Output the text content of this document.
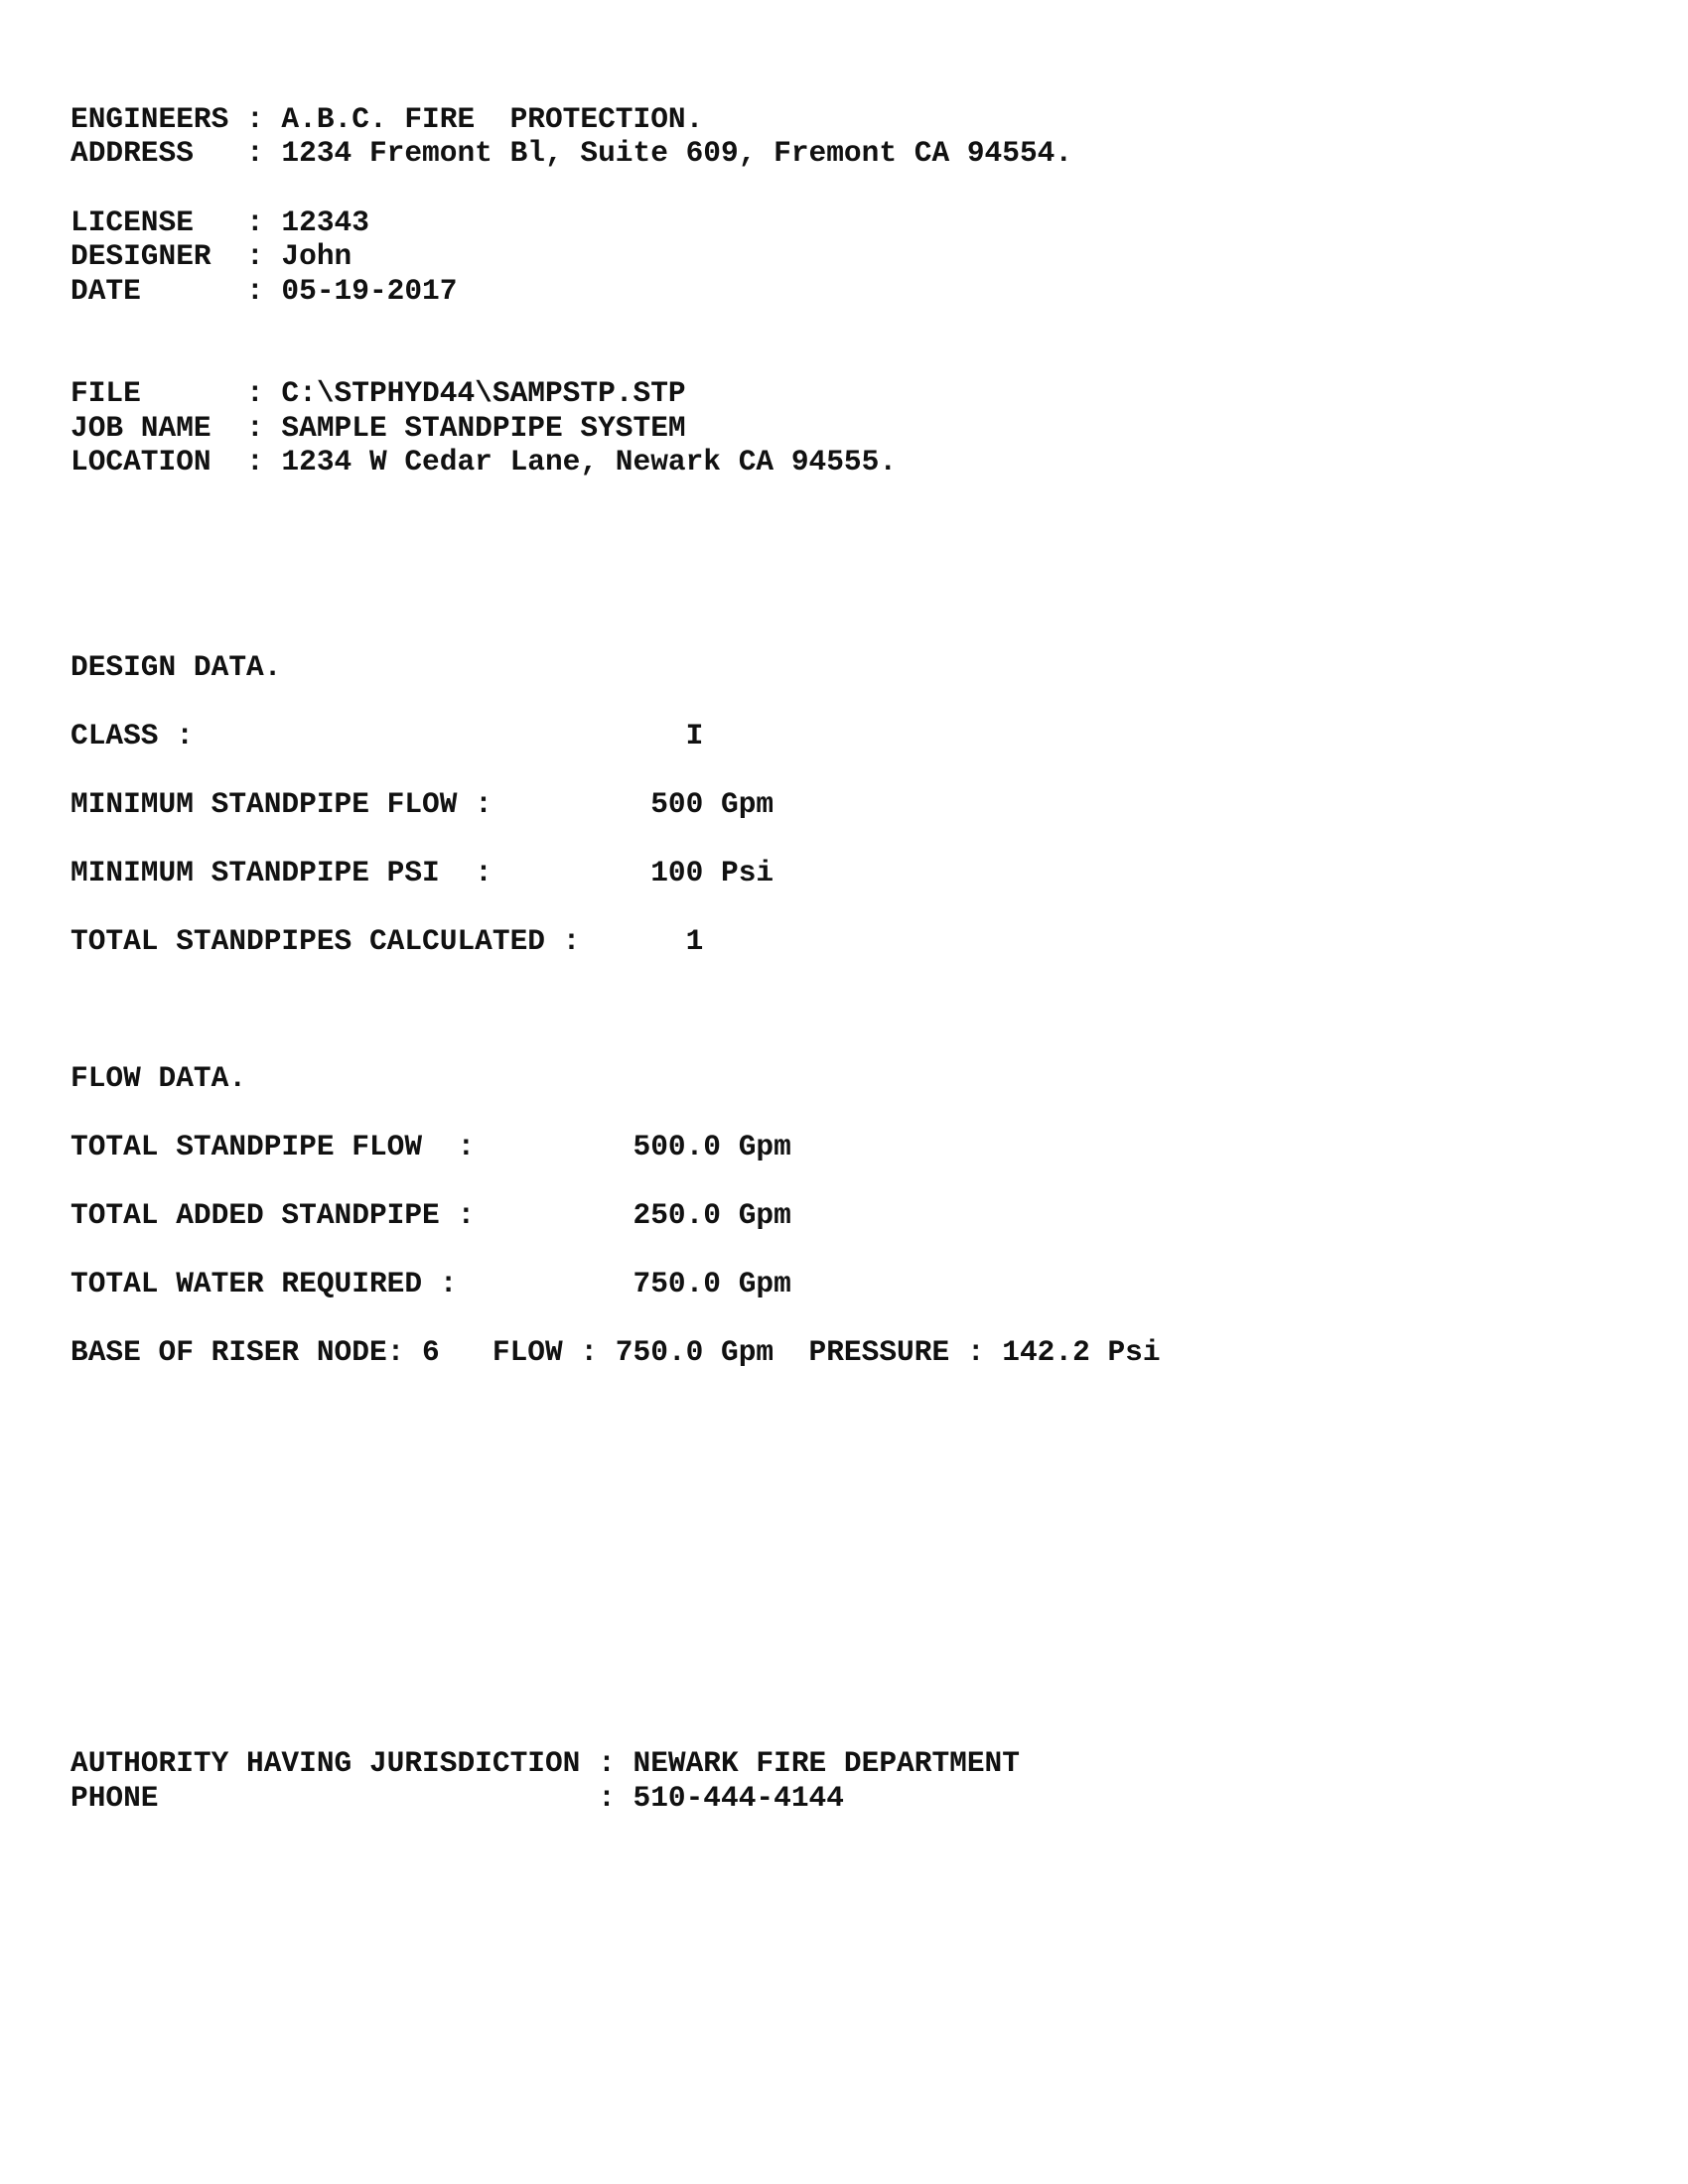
ENGINEERS : A.B.C. FIRE  PROTECTION.
ADDRESS   : 1234 Fremont Bl, Suite 609, Fremont CA 94554.
LICENSE   : 12343
DESIGNER  : John
DATE      : 05-19-2017
FILE      : C:\STPHYD44\SAMPSTP.STP
JOB NAME  : SAMPLE STANDPIPE SYSTEM
LOCATION  : 1234 W Cedar Lane, Newark CA 94555.
DESIGN DATA.
CLASS :                            I
MINIMUM STANDPIPE FLOW :         500 Gpm
MINIMUM STANDPIPE PSI  :         100 Psi
TOTAL STANDPIPES CALCULATED :      1
FLOW DATA.
TOTAL STANDPIPE FLOW  :         500.0 Gpm
TOTAL ADDED STANDPIPE :         250.0 Gpm
TOTAL WATER REQUIRED :          750.0 Gpm
BASE OF RISER NODE: 6   FLOW : 750.0 Gpm  PRESSURE : 142.2 Psi
AUTHORITY HAVING JURISDICTION : NEWARK FIRE DEPARTMENT
PHONE                         : 510-444-4144
